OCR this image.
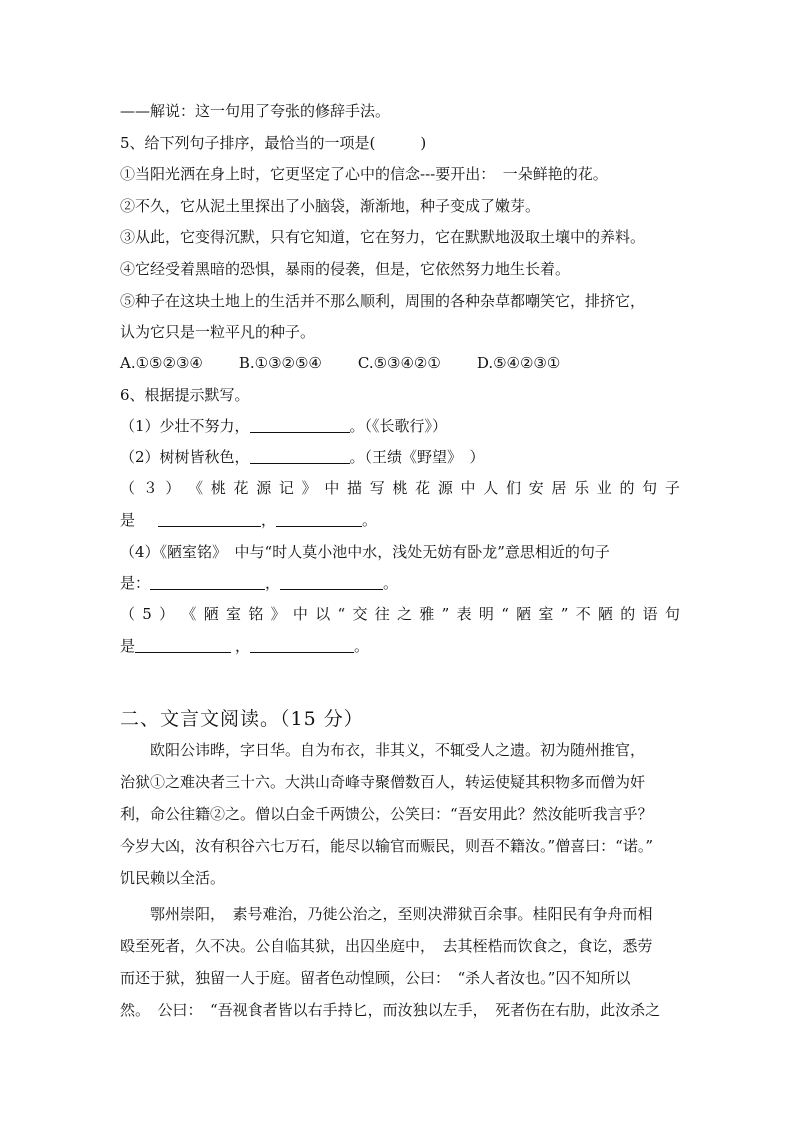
——解说：这一句用了夸张的修辞手法。
5、给下列句子排序，最恰当的一项是(　　　)
①当阳光洒在身上时，它更坚定了心中的信念---要开出：　一朵鲜艳的花。
②不久，它从泥土里探出了小脑袋，渐渐地，种子变成了嫩芽。
③从此，它变得沉默，只有它知道，它在努力，它在默默地汲取土壤中的养料。
④它经受着黑暗的恐惧，暴雨的侵袭，但是，它依然努力地生长着。
⑤种子在这块土地上的生活并不那么顺利，周围的各种杂草都嘲笑它，排挤它，
认为它只是一粒平凡的种子。
A.①⑤②③④ B.①③②⑤④ C.⑤③④②① D.⑤④②③①
6、根据提示默写。
（1）少壮不努力，	。（《长歌行》）
（2）树树皆秋色，	。（王绩《野望》　）
（ ３ ） 《 桃 花 源 记 》 中 描 写 桃 花 源 中 人 们 安 居 乐 业 的 句 子
是　	，	。
（4）《陋室铭》　中与“时人莫小池中水，浅处无妨有卧龙”意思相近的句子
是：	，	。
（ 5 ） 《 陋 室 铭 》 中 以 “ 交 往 之 雅 ” 表 明 “ 陋 室 ” 不 陋 的 语 句
是	，	。
二、文言文阅读。（15 分）
　　欧阳公讳晔，字日华。自为布衣，非其义，不辄受人之遗。初为随州推官，
治狱①之难决者三十六。大洪山奇峰寺聚僧数百人，转运使疑其积物多而僧为奸
利，命公往籍②之。僧以白金千两馈公，公笑曰：“吾安用此？然汝能听我言乎？
今岁大凶，汝有积谷六七万石，能尽以输官而赈民，则吾不籍汝。”僧喜曰：“诺。”
饥民赖以全活。
　　鄂州崇阳，　素号难治，乃徙公治之，至则决滞狱百余事。桂阳民有争舟而相
殴至死者，久不决。公自临其狱，出囚坐庭中，　去其桎梏而饮食之，食讫，悉劳
而还于狱，独留一人于庭。留者色动惶顾，公曰：　“杀人者汝也。”囚不知所以
然。　公曰：　“吾视食者皆以右手持匕，而汝独以左手，　死者伤在右肋，此汝杀之
